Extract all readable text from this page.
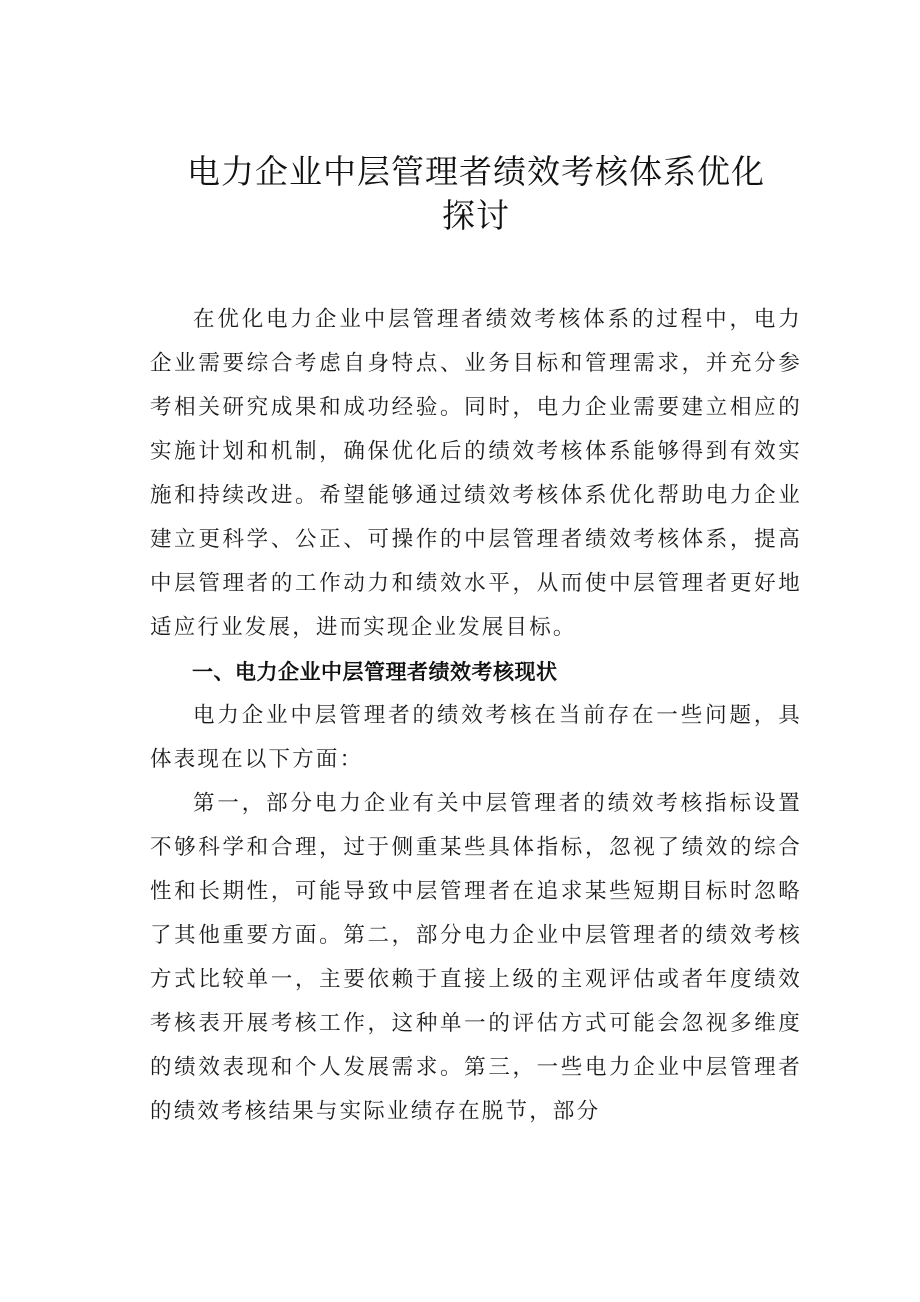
电力企业中层管理者绩效考核体系优化
探讨

在优化电力企业中层管理者绩效考核体系的过程中，电力企业需要综合考虑自身特点、业务目标和管理需求，并充分参考相关研究成果和成功经验。同时，电力企业需要建立相应的实施计划和机制，确保优化后的绩效考核体系能够得到有效实施和持续改进。希望能够通过绩效考核体系优化帮助电力企业建立更科学、公正、可操作的中层管理者绩效考核体系，提高中层管理者的工作动力和绩效水平，从而使中层管理者更好地适应行业发展，进而实现企业发展目标。

一、电力企业中层管理者绩效考核现状

电力企业中层管理者的绩效考核在当前存在一些问题，具体表现在以下方面：

第一，部分电力企业有关中层管理者的绩效考核指标设置不够科学和合理，过于侧重某些具体指标，忽视了绩效的综合性和长期性，可能导致中层管理者在追求某些短期目标时忽略了其他重要方面。第二，部分电力企业中层管理者的绩效考核方式比较单一，主要依赖于直接上级的主观评估或者年度绩效考核表开展考核工作，这种单一的评估方式可能会忽视多维度的绩效表现和个人发展需求。第三，一些电力企业中层管理者的绩效考核结果与实际业绩存在脱节，部分
